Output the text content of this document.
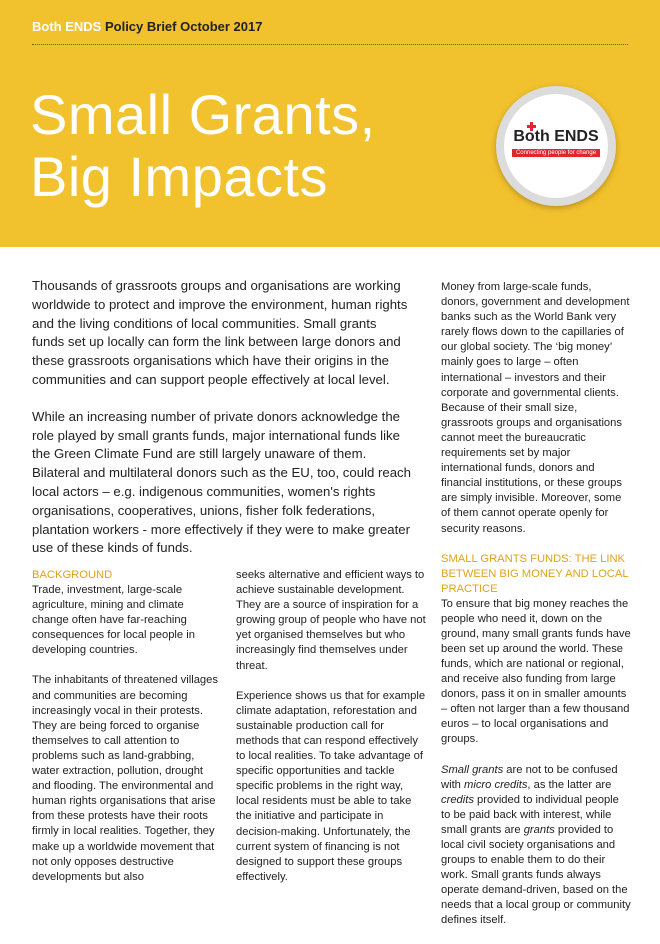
Both ENDS Policy Brief October 2017
Small Grants,
Big Impacts
Both ENDS
Connecting people for change

Thousands of grassroots groups and organisations are working worldwide to protect and improve the environment, human rights and the living conditions of local communities. Small grants funds set up locally can form the link between large donors and these grassroots organisations which have their origins in the communities and can support people effectively at local level.

While an increasing number of private donors acknowledge the role played by small grants funds, major international funds like the Green Climate Fund are still largely unaware of them. Bilateral and multilateral donors such as the EU, too, could reach local actors – e.g. indigenous communities, women's rights organisations, cooperatives, unions, fisher folk federations, plantation workers - more effectively if they were to make greater use of these kinds of funds.

BACKGROUND

Trade, investment, large-scale agriculture, mining and climate change often have far-reaching consequences for local people in developing countries.

The inhabitants of threatened villages and communities are becoming increasingly vocal in their protests. They are being forced to organise themselves to call attention to problems such as land-grabbing, water extraction, pollution, drought and flooding. The environmental and human rights organisations that arise from these protests have their roots firmly in local realities. Together, they make up a worldwide movement that not only opposes destructive developments but also

seeks alternative and efficient ways to achieve sustainable development. They are a source of inspiration for a growing group of people who have not yet organised themselves but who increasingly find themselves under threat.

Experience shows us that for example climate adaptation, reforestation and sustainable production call for methods that can respond effectively to local realities. To take advantage of specific opportunities and tackle specific problems in the right way, local residents must be able to take the initiative and participate in decision-making. Unfortunately, the current system of financing is not designed to support these groups effectively.

Money from large-scale funds, donors, government and development banks such as the World Bank very rarely flows down to the capillaries of our global society. The ‘big money’ mainly goes to large – often international – investors and their corporate and governmental clients. Because of their small size, grassroots groups and organisations cannot meet the bureaucratic requirements set by major international funds, donors and financial institutions, or these groups are simply invisible. Moreover, some of them cannot operate openly for security reasons.

SMALL GRANTS FUNDS: THE LINK BETWEEN BIG MONEY AND LOCAL PRACTICE

To ensure that big money reaches the people who need it, down on the ground, many small grants funds have been set up around the world. These funds, which are national or regional, and receive also funding from large donors, pass it on in smaller amounts – often not larger than a few thousand euros – to local organisations and groups.

Small grants are not to be confused with micro credits, as the latter are credits provided to individual people to be paid back with interest, while small grants are grants provided to local civil society organisations and groups to enable them to do their work. Small grants funds always operate demand-driven, based on the needs that a local group or community defines itself.
